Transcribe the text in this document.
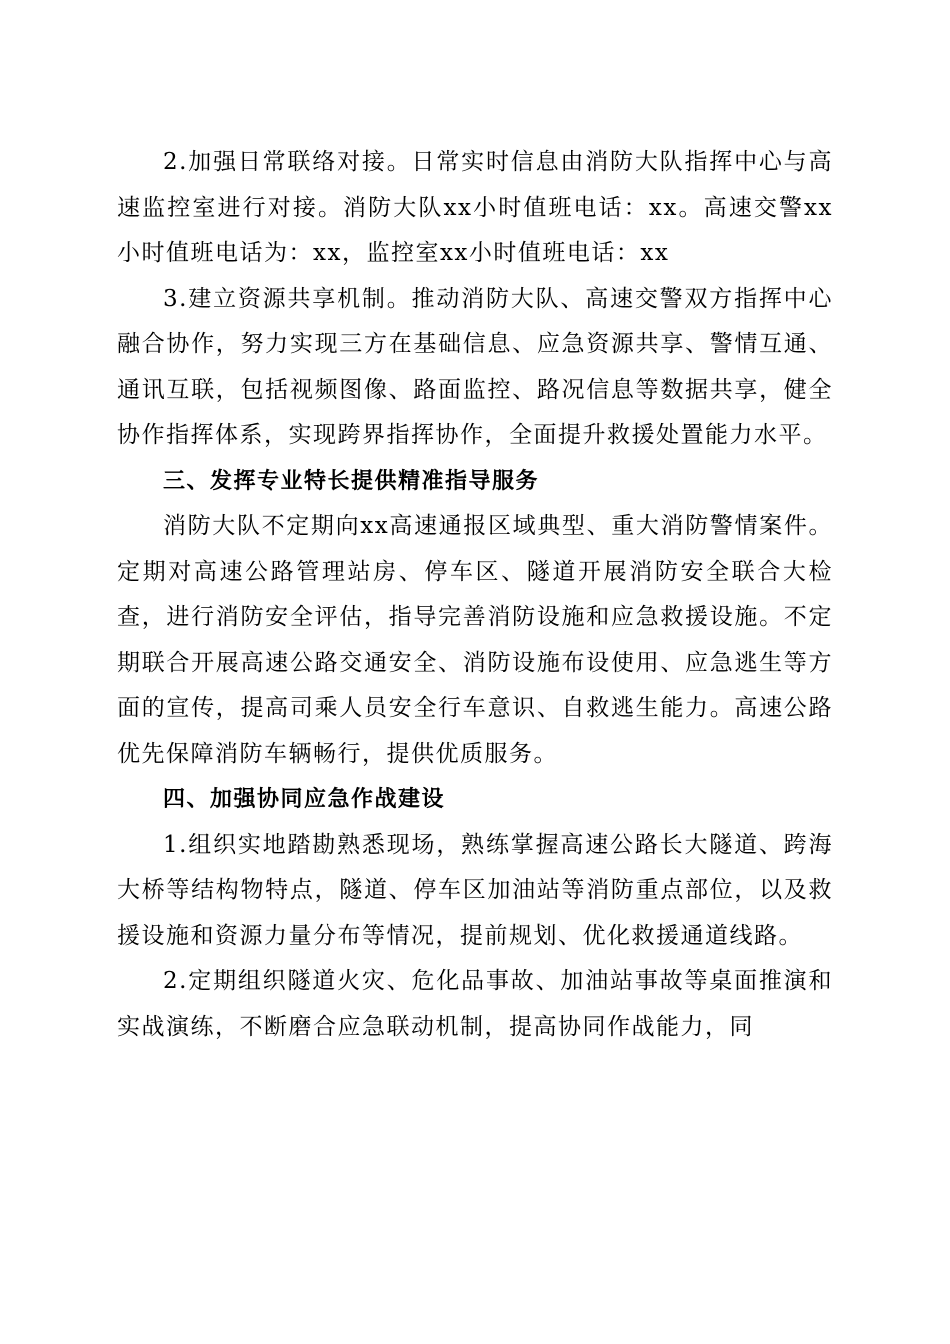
2.加强日常联络对接。日常实时信息由消防大队指挥中心与高速监控室进行对接。消防大队xx小时值班电话：xx。高速交警xx小时值班电话为：xx，监控室xx小时值班电话：xx

3.建立资源共享机制。推动消防大队、高速交警双方指挥中心融合协作，努力实现三方在基础信息、应急资源共享、警情互通、通讯互联，包括视频图像、路面监控、路况信息等数据共享，健全协作指挥体系，实现跨界指挥协作，全面提升救援处置能力水平。

三、发挥专业特长提供精准指导服务

消防大队不定期向xx高速通报区域典型、重大消防警情案件。定期对高速公路管理站房、停车区、隧道开展消防安全联合大检查，进行消防安全评估，指导完善消防设施和应急救援设施。不定期联合开展高速公路交通安全、消防设施布设使用、应急逃生等方面的宣传，提高司乘人员安全行车意识、自救逃生能力。高速公路优先保障消防车辆畅行，提供优质服务。

四、加强协同应急作战建设

1.组织实地踏勘熟悉现场，熟练掌握高速公路长大隧道、跨海大桥等结构物特点，隧道、停车区加油站等消防重点部位，以及救援设施和资源力量分布等情况，提前规划、优化救援通道线路。

2.定期组织隧道火灾、危化品事故、加油站事故等桌面推演和实战演练，不断磨合应急联动机制，提高协同作战能力，同
